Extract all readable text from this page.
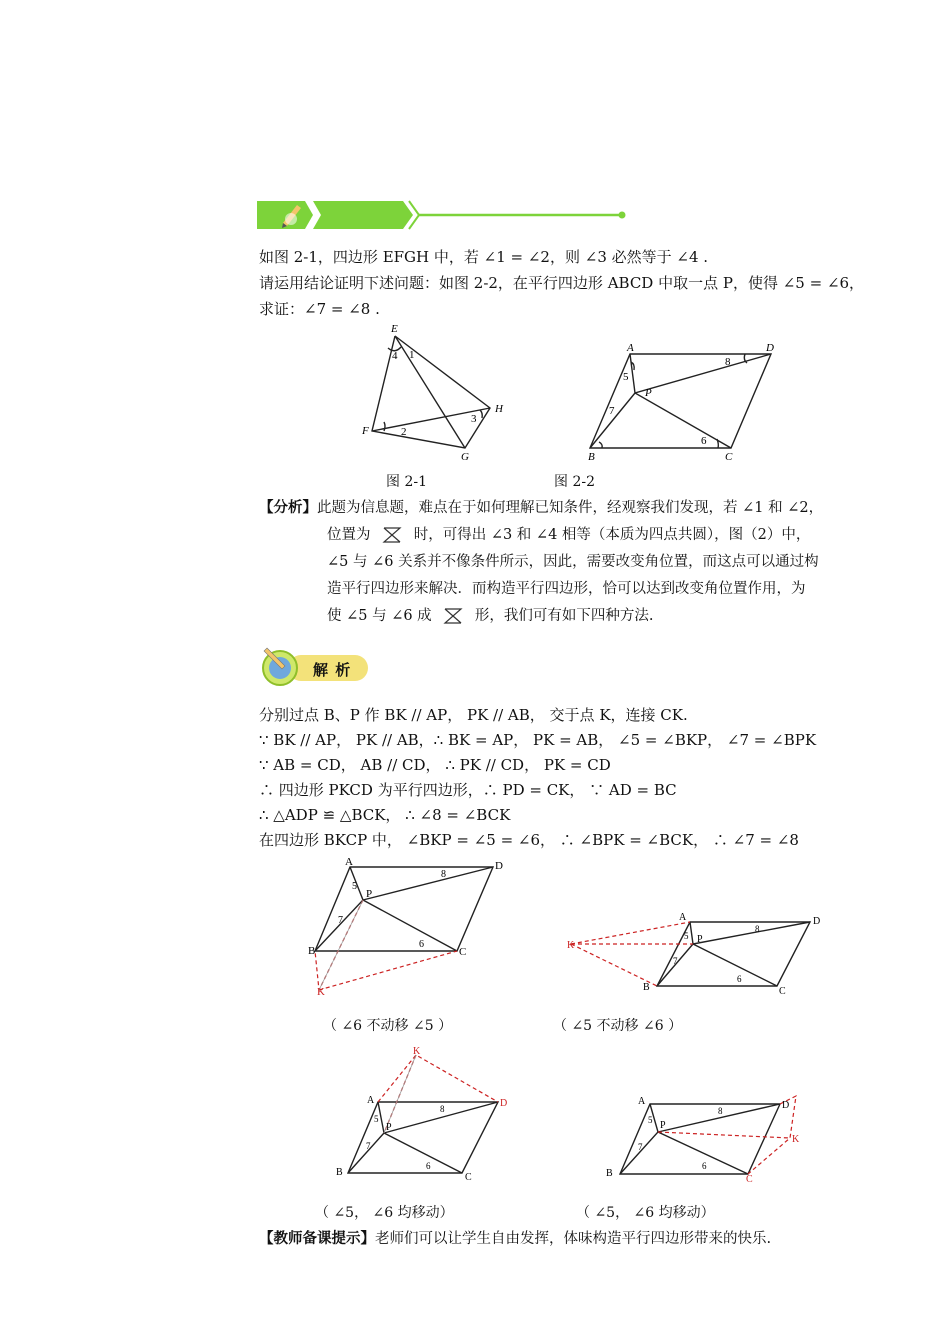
如图 2-1，四边形 EFGH 中，若 ∠1 = ∠2，则 ∠3 必然等于 ∠4 .
请运用结论证明下述问题：如图 2-2，在平行四边形 ABCD 中取一点 P，使得 ∠5 = ∠6，
求证：∠7 = ∠8 .
E
F
G
H
1
2
3
4
图 2-1
A	D
B	C
P
5
6
7
8
图 2-2
【分析】此题为信息题，难点在于如何理解已知条件，经观察我们发现，若 ∠1 和 ∠2，
位置为	时，可得出 ∠3 和 ∠4 相等（本质为四点共圆），图（2）中，
∠5 与 ∠6 关系并不像条件所示，因此，需要改变角位置，而这点可以通过构
造平行四边形来解决．而构造平行四边形，恰可以达到改变角位置作用，为
使 ∠5 与 ∠6 成	形，我们可有如下四种方法.
解 析
分别过点 B、P 作 BK // AP， PK // AB， 交于点 K，连接 CK.
∵ BK // AP， PK // AB，∴ BK = AP， PK = AB， ∠5 = ∠BKP， ∠7 = ∠BPK
∵ AB = CD， AB // CD， ∴ PK // CD， PK = CD
∴ 四边形 PKCD 为平行四边形，∴ PD = CK， ∵ AD = BC
∴ △ADP ≌ △BCK， ∴ ∠8 = ∠BCK
在四边形 BKCP 中， ∠BKP = ∠5 = ∠6， ∴ ∠BPK = ∠BCK， ∴ ∠7 = ∠8
A	D
B	C
P
K
5
6
7
8
（ ∠6 不动移 ∠5 ）
A	D
B	C
P
K
5
6
7
8
（ ∠5 不动移 ∠6 ）
A	D
B	C
P
K
5
6
7
8
（ ∠5， ∠6 均移动）
A	D
B
C
P
K
5
6
7
8
（ ∠5， ∠6 均移动）
【教师备课提示】老师们可以让学生自由发挥，体味构造平行四边形带来的快乐.
